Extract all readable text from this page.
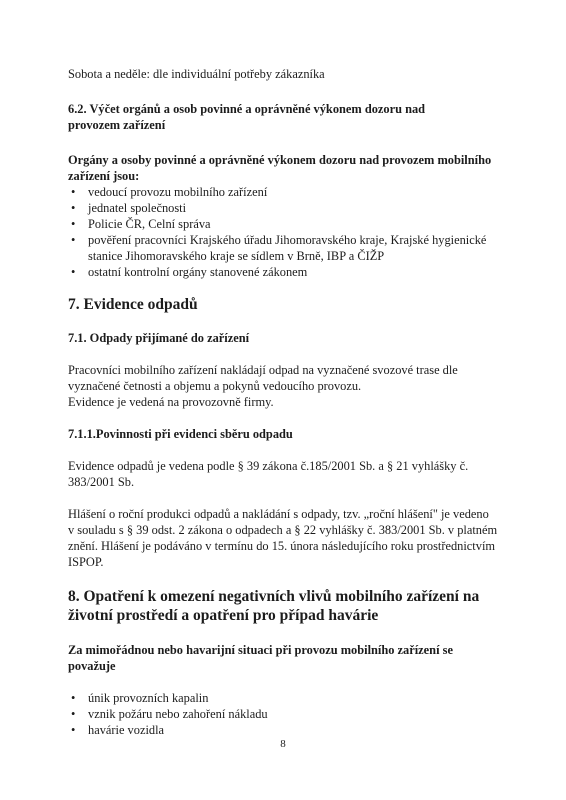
Sobota a neděle: dle individuální potřeby zákazníka

6.2. Výčet orgánů a osob povinné a oprávněné výkonem dozoru nad provozem zařízení

Orgány a osoby povinné a oprávněné výkonem dozoru nad provozem mobilního zařízení jsou:

• vedoucí provozu mobilního zařízení
• jednatel společnosti
• Policie ČR, Celní správa
• pověření pracovníci Krajského úřadu Jihomoravského kraje, Krajské hygienické stanice Jihomoravského kraje se sídlem v Brně, IBP a ČIŽP
• ostatní kontrolní orgány stanovené zákonem

7. Evidence odpadů

7.1. Odpady přijímané do zařízení

Pracovníci mobilního zařízení nakládají odpad na vyznačené svozové trase dle vyznačené četnosti a objemu a pokynů vedoucího provozu.

Evidence je vedená na provozovně firmy.

7.1.1.Povinnosti při evidenci sběru odpadu

Evidence odpadů je vedena podle § 39 zákona č.185/2001 Sb. a § 21 vyhlášky č. 383/2001 Sb.

Hlášení o roční produkci odpadů a nakládání s odpady, tzv. „roční hlášení" je vedeno v souladu s § 39 odst. 2 zákona o odpadech a § 22 vyhlášky č. 383/2001 Sb. v platném znění. Hlášení je podáváno v termínu do 15. února následujícího roku prostřednictvím ISPOP.

8. Opatření k omezení negativních vlivů mobilního zařízení na životní prostředí a opatření pro případ havárie

Za mimořádnou nebo havarijní situaci při provozu mobilního zařízení se považuje

• únik provozních kapalin
• vznik požáru nebo zahoření nákladu
• havárie vozidla
8
